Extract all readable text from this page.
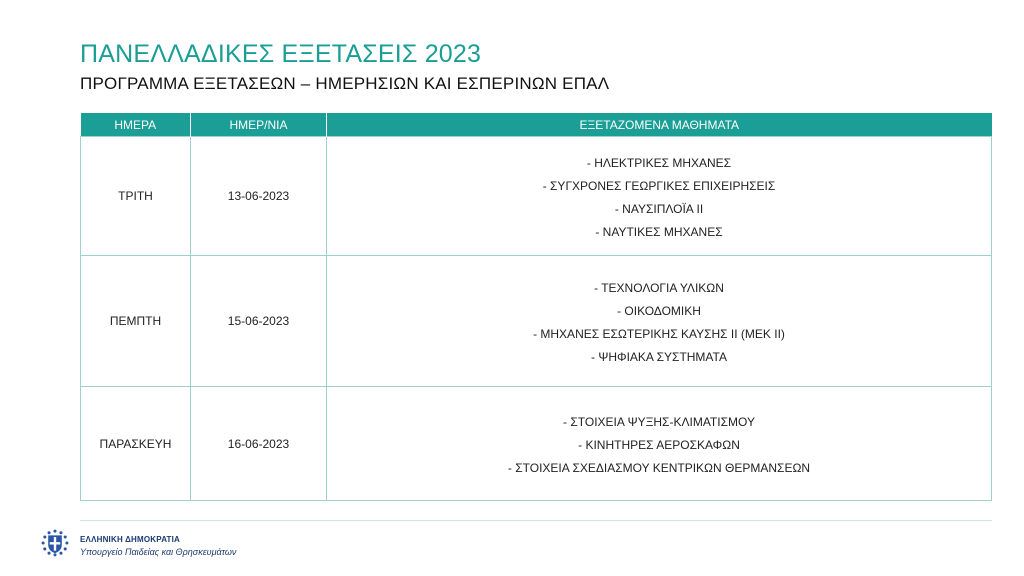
ΠΑΝΕΛΛΑΔΙΚΕΣ ΕΞΕΤΑΣΕΙΣ 2023
ΠΡΟΓΡΑΜΜΑ ΕΞΕΤΑΣΕΩΝ – ΗΜΕΡΗΣΙΩΝ ΚΑΙ ΕΣΠΕΡΙΝΩΝ ΕΠΑΛ
ΗΜΕΡΑ	ΗΜΕΡ/ΝΙΑ	ΕΞΕΤΑΖΟΜΕΝΑ ΜΑΘΗΜΑΤΑ
ΤΡΙΤΗ	13-06-2023	- ΗΛΕΚΤΡΙΚΕΣ ΜΗΧΑΝΕΣ
- ΣΥΓΧΡΟΝΕΣ ΓΕΩΡΓΙΚΕΣ ΕΠΙΧΕΙΡΗΣΕΙΣ
- ΝΑΥΣΙΠΛΟΪΑ ΙΙ
- ΝΑΥΤΙΚΕΣ ΜΗΧΑΝΕΣ

ΠΕΜΠΤΗ	15-06-2023	- ΤΕΧΝΟΛΟΓΙΑ ΥΛΙΚΩΝ
- ΟΙΚΟΔΟΜΙΚΗ
- ΜΗΧΑΝΕΣ ΕΣΩΤΕΡΙΚΗΣ ΚΑΥΣΗΣ ΙΙ (ΜΕΚ ΙΙ)
- ΨΗΦΙΑΚΑ ΣΥΣΤΗΜΑΤΑ

ΠΑΡΑΣΚΕΥΗ	16-06-2023	- ΣΤΟΙΧΕΙΑ ΨΥΞΗΣ-ΚΛΙΜΑΤΙΣΜΟΥ
- ΚΙΝΗΤΗΡΕΣ ΑΕΡΟΣΚΑΦΩΝ
- ΣΤΟΙΧΕΙΑ ΣΧΕΔΙΑΣΜΟΥ ΚΕΝΤΡΙΚΩΝ ΘΕΡΜΑΝΣΕΩΝ
ΕΛΛΗΝΙΚΗ ΔΗΜΟΚΡΑΤΙΑ
Υπουργείο Παιδείας και Θρησκευμάτων
